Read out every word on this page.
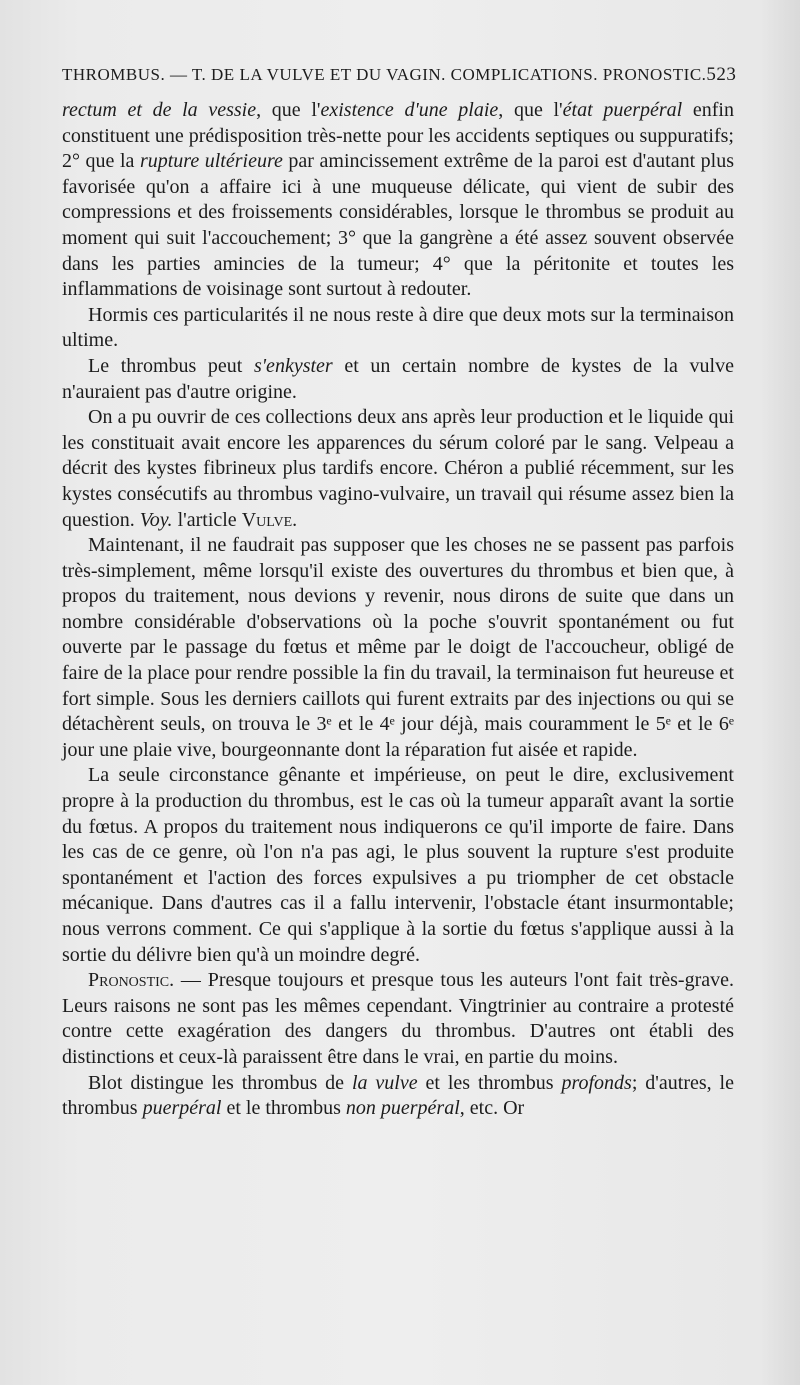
THROMBUS. — T. DE LA VULVE ET DU VAGIN. COMPLICATIONS. PRONOSTIC. 523

rectum et de la vessie, que l'existence d'une plaie, que l'état puerpéral enfin constituent une prédisposition très-nette pour les accidents septiques ou suppuratifs; 2° que la rupture ultérieure par amincissement extrême de la paroi est d'autant plus favorisée qu'on a affaire ici à une muqueuse délicate, qui vient de subir des compressions et des froissements considérables, lorsque le thrombus se produit au moment qui suit l'accouchement; 3° que la gangrène a été assez souvent observée dans les parties amincies de la tumeur; 4° que la péritonite et toutes les inflammations de voisinage sont surtout à redouter.

Hormis ces particularités il ne nous reste à dire que deux mots sur la terminaison ultime.

Le thrombus peut s'enkyster et un certain nombre de kystes de la vulve n'auraient pas d'autre origine.

On a pu ouvrir de ces collections deux ans après leur production et le liquide qui les constituait avait encore les apparences du sérum coloré par le sang. Velpeau a décrit des kystes fibrineux plus tardifs encore. Chéron a publié récemment, sur les kystes consécutifs au thrombus vagino-vulvaire, un travail qui résume assez bien la question. Voy. l'article Vulve.

Maintenant, il ne faudrait pas supposer que les choses ne se passent pas parfois très-simplement, même lorsqu'il existe des ouvertures du thrombus et bien que, à propos du traitement, nous devions y revenir, nous dirons de suite que dans un nombre considérable d'observations où la poche s'ouvrit spontanément ou fut ouverte par le passage du fœtus et même par le doigt de l'accoucheur, obligé de faire de la place pour rendre possible la fin du travail, la terminaison fut heureuse et fort simple. Sous les derniers caillots qui furent extraits par des injections ou qui se détachèrent seuls, on trouva le 3ᵉ et le 4ᵉ jour déjà, mais couramment le 5ᵉ et le 6ᵉ jour une plaie vive, bourgeonnante dont la réparation fut aisée et rapide.

La seule circonstance gênante et impérieuse, on peut le dire, exclusivement propre à la production du thrombus, est le cas où la tumeur apparaît avant la sortie du fœtus. A propos du traitement nous indiquerons ce qu'il importe de faire. Dans les cas de ce genre, où l'on n'a pas agi, le plus souvent la rupture s'est produite spontanément et l'action des forces expulsives a pu triompher de cet obstacle mécanique. Dans d'autres cas il a fallu intervenir, l'obstacle étant insurmontable; nous verrons comment. Ce qui s'applique à la sortie du fœtus s'applique aussi à la sortie du délivre bien qu'à un moindre degré.

Pronostic. — Presque toujours et presque tous les auteurs l'ont fait très-grave. Leurs raisons ne sont pas les mêmes cependant. Vingtrinier au contraire a protesté contre cette exagération des dangers du thrombus. D'autres ont établi des distinctions et ceux-là paraissent être dans le vrai, en partie du moins.

Blot distingue les thrombus de la vulve et les thrombus profonds; d'autres, le thrombus puerpéral et le thrombus non puerpéral, etc. Or
